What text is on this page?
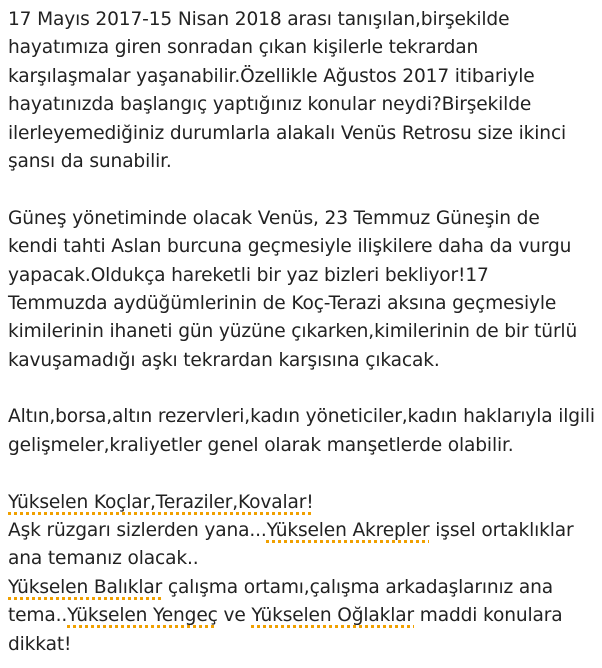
17 Mayıs 2017-15 Nisan 2018 arası tanışılan,birşekilde
hayatımıza giren sonradan çıkan kişilerle tekrardan
karşılaşmalar yaşanabilir.Özellikle Ağustos 2017 itibariyle
hayatınızda başlangıç yaptığınız konular neydi?Birşekilde
ilerleyemediğiniz durumlarla alakalı Venüs Retrosu size ikinci
şansı da sunabilir.
Güneş yönetiminde olacak Venüs, 23 Temmuz Güneşin de
kendi tahti Aslan burcuna geçmesiyle ilişkilere daha da vurgu
yapacak.Oldukça hareketli bir yaz bizleri bekliyor!17
Temmuzda aydüğümlerinin de Koç-Terazi aksına geçmesiyle
kimilerinin ihaneti gün yüzüne çıkarken,kimilerinin de bir türlü
kavuşamadığı aşkı tekrardan karşısına çıkacak.
Altın,borsa,altın rezervleri,kadın yöneticiler,kadın haklarıyla ilgili
gelişmeler,kraliyetler genel olarak manşetlerde olabilir.
Yükselen Koçlar,Teraziler,Kovalar!
Aşk rüzgarı sizlerden yana...Yükselen Akrepler işsel ortaklıklar
ana temanız olacak..
Yükselen Balıklar çalışma ortamı,çalışma arkadaşlarınız ana
tema..Yükselen Yengeç ve Yükselen Oğlaklar maddi konulara
dikkat!
